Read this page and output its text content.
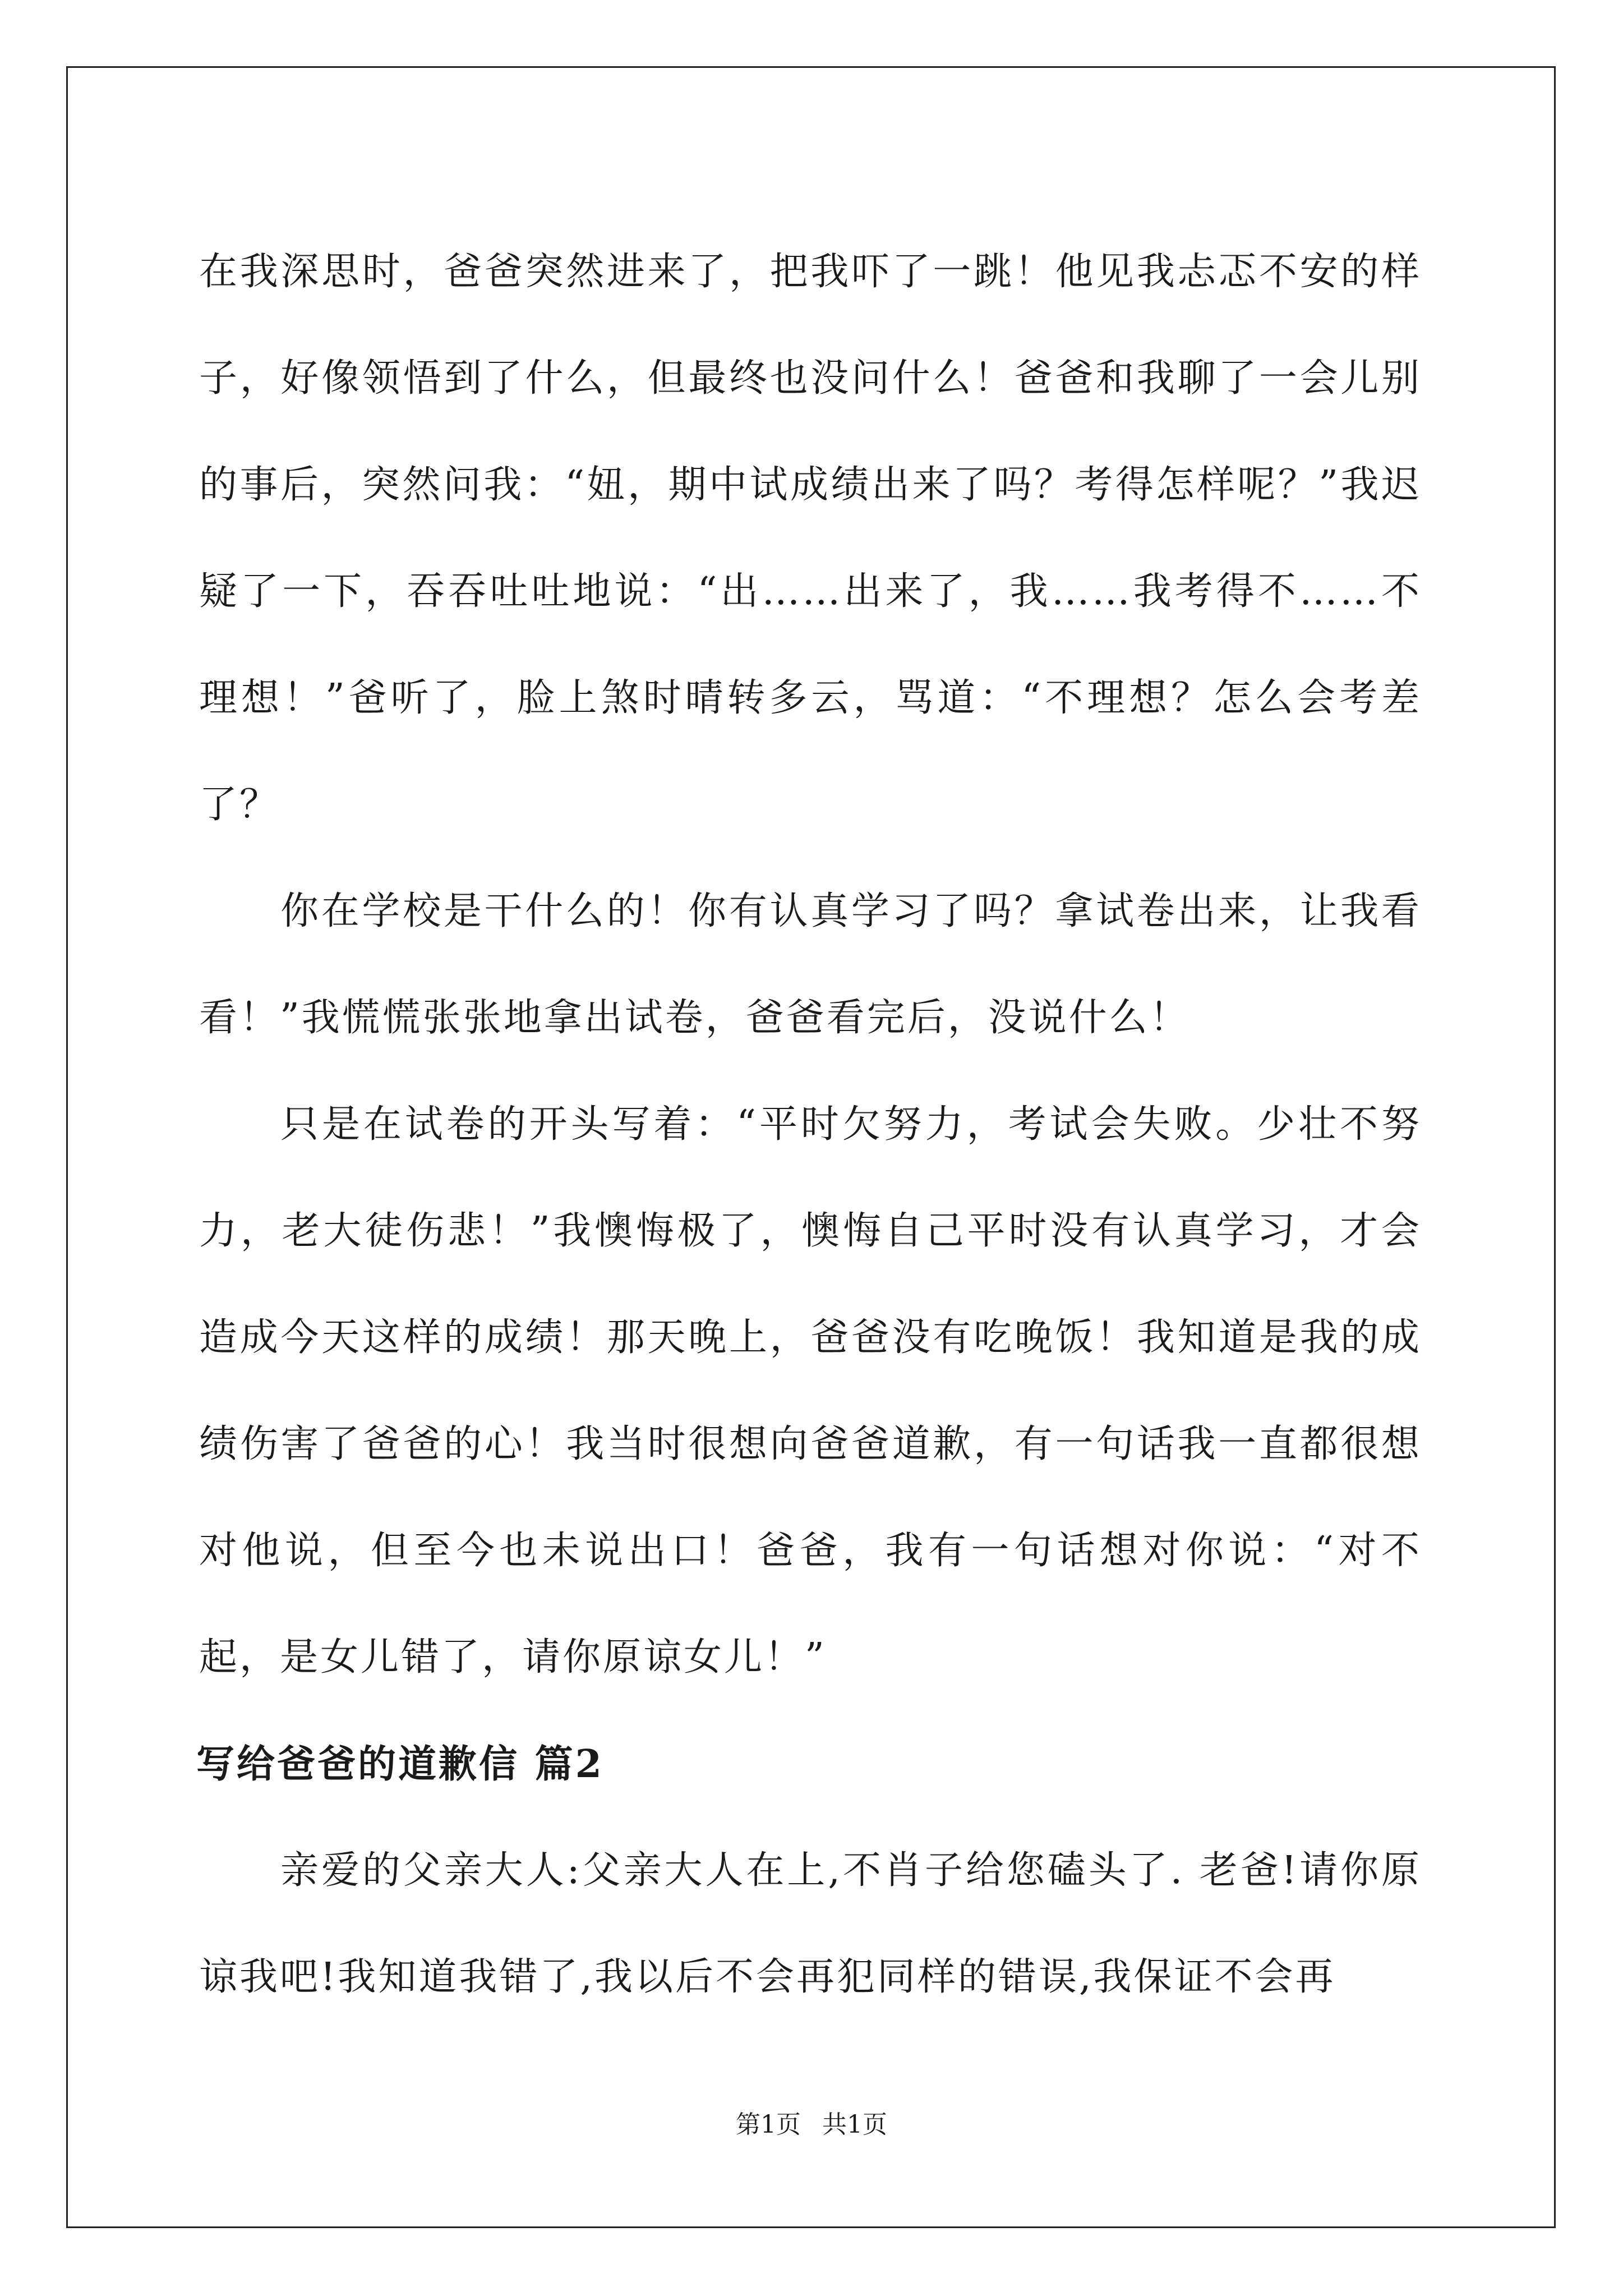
在我深思时，爸爸突然进来了，把我吓了一跳！他见我忐忑不安的样子，好像领悟到了什么，但最终也没问什么！爸爸和我聊了一会儿别的事后，突然问我：“妞，期中试成绩出来了吗？考得怎样呢？”我迟疑了一下，吞吞吐吐地说：“出……出来了，我……我考得不……不理想！”爸听了，脸上煞时晴转多云，骂道：“不理想？怎么会考差了？

你在学校是干什么的！你有认真学习了吗？拿试卷出来，让我看看！”我慌慌张张地拿出试卷，爸爸看完后，没说什么！

只是在试卷的开头写着：“平时欠努力，考试会失败。少壮不努力，老大徒伤悲！”我懊悔极了，懊悔自己平时没有认真学习，才会造成今天这样的成绩！那天晚上，爸爸没有吃晚饭！我知道是我的成绩伤害了爸爸的心！我当时很想向爸爸道歉，有一句话我一直都很想对他说，但至今也未说出口！爸爸，我有一句话想对你说：“对不起，是女儿错了，请你原谅女儿！”

写给爸爸的道歉信 篇2

亲爱的父亲大人:父亲大人在上,不肖子给您磕头了. 老爸!请你原谅我吧!我知道我错了,我以后不会再犯同样的错误,我保证不会再

第1页 共1页
